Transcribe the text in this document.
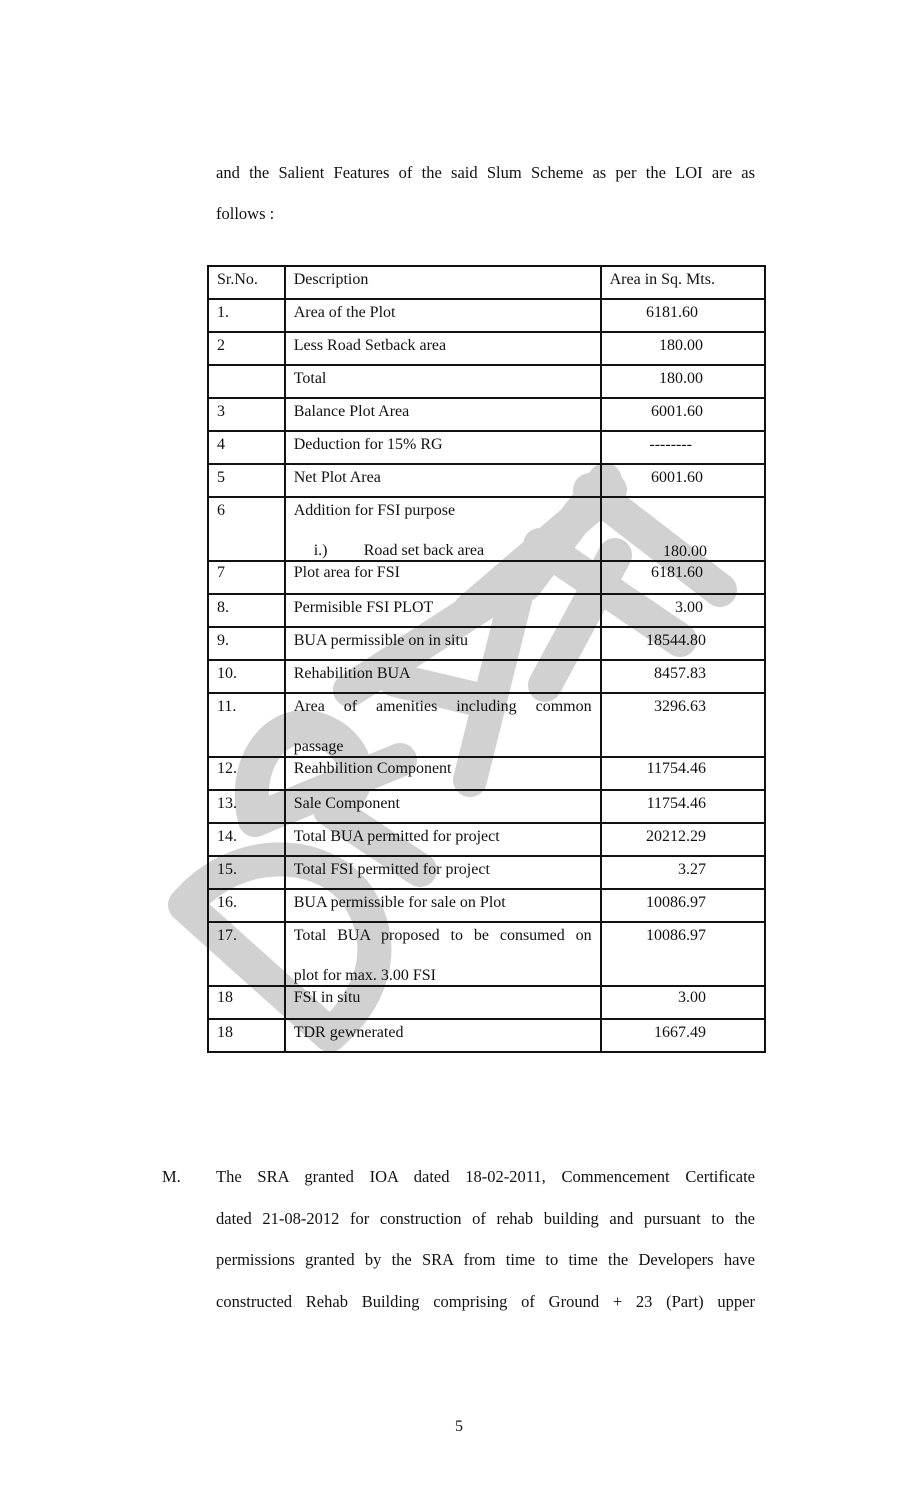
and the Salient Features of the said Slum Scheme as per the LOI are as
follows :
Sr.No.	Description	Area in Sq. Mts.

1.	Area of the Plot	6181.60

2	Less Road Setback area	180.00

	Total	180.00

3	Balance Plot Area	6001.60

4	Deduction for 15% RG	--------

5	Net Plot Area	6001.60

6	Addition for FSI purpose
i.) Road set back area	180.00

7	Plot area for FSI	6181.60

8.	Permisible FSI PLOT	3.00

9.	BUA permissible on in situ	18544.80

10.	Rehabilition BUA	8457.83

11.	Area of amenities including common
passage	3296.63

12.	Reahbilition Component	11754.46

13.	Sale Component	11754.46

14.	Total BUA permitted for project	20212.29

15.	Total FSI permitted for project	3.27

16.	BUA permissible for sale on Plot	10086.97

17.	Total BUA proposed to be consumed on
plot for max. 3.00 FSI	10086.97

18	FSI in situ	3.00

18	TDR gewnerated	1667.49
M. The SRA granted IOA dated 18-02-2011, Commencement Certificate
dated 21-08-2012 for construction of rehab building and pursuant to the
permissions granted by the SRA from time to time the Developers have
constructed Rehab Building comprising of Ground + 23 (Part) upper
5
